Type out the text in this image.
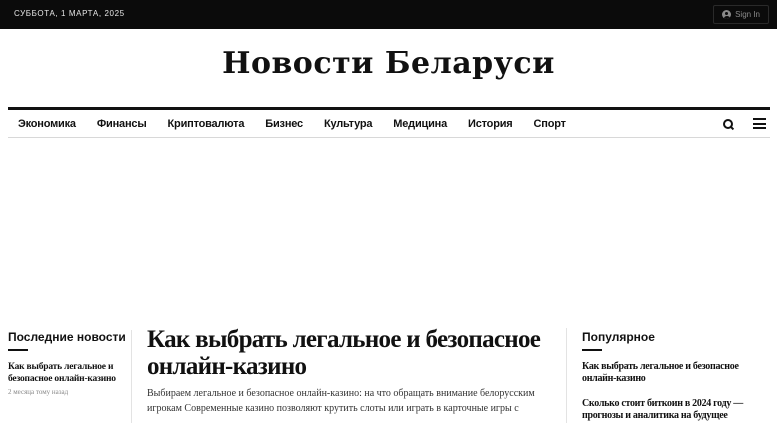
СУББОТА, 1 МАРТА, 2025	Sign In
Новости Беларуси
Экономика Финансы Криптовалюта Бизнес Культура Медицина История Спорт
Последние новости
Как выбрать легальное и безопасное онлайн-казино
2 месяца тому назад
Как выбрать легальное и безопасное онлайн-казино

Выбираем легальное и безопасное онлайн-казино: на что обращать внимание белорусским игрокам Современные казино позволяют крутить слоты или играть в карточные игры с

Популярное
Как выбрать легальное и безопасное онлайн-казино
Сколько стоит биткоин в 2024 году — прогнозы и аналитика на будущее
